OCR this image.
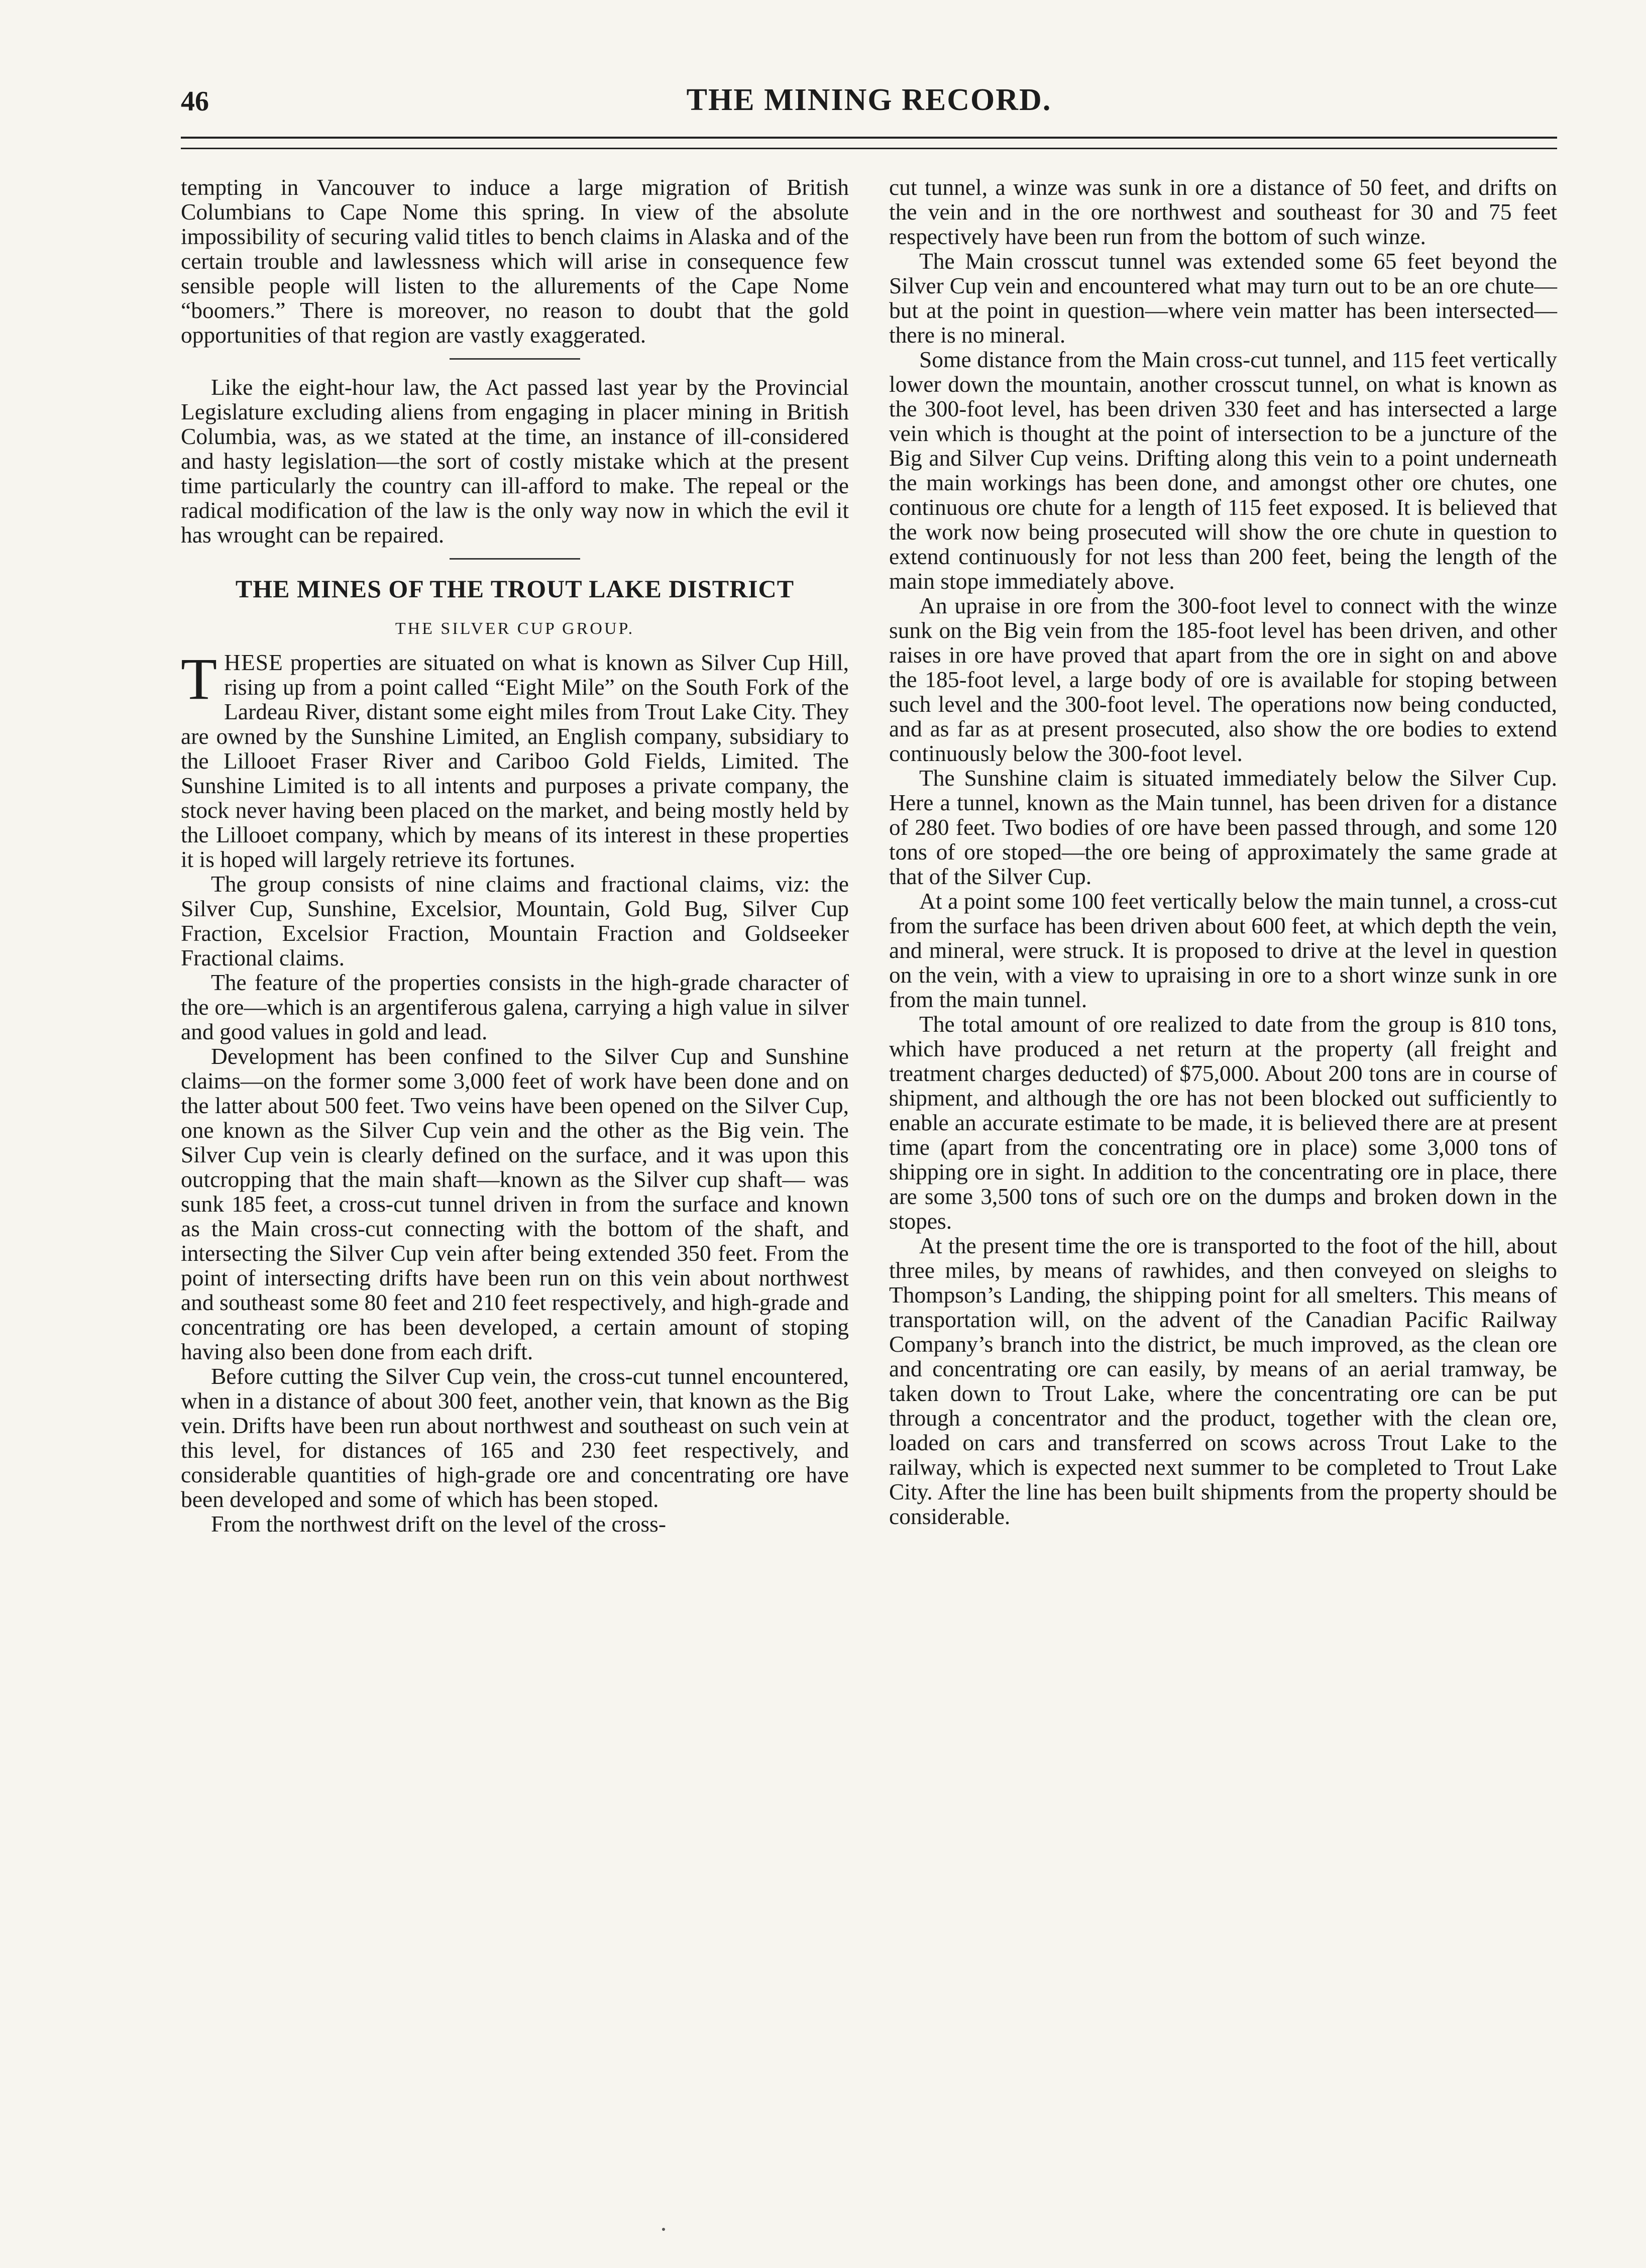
46	THE MINING RECORD.

tempting in Vancouver to induce a large migration of British Columbians to Cape Nome this spring. In view of the absolute impossibility of securing valid titles to bench claims in Alaska and of the certain trouble and lawlessness which will arise in consequence few sensible people will listen to the allurements of the Cape Nome “boomers.” There is moreover, no reason to doubt that the gold opportunities of that region are vastly exaggerated.

Like the eight-hour law, the Act passed last year by the Provincial Legislature excluding aliens from engaging in placer mining in British Columbia, was, as we stated at the time, an instance of ill-considered and hasty legislation—the sort of costly mistake which at the present time particularly the country can ill-afford to make. The repeal or the radical modification of the law is the only way now in which the evil it has wrought can be repaired.

THE MINES OF THE TROUT LAKE DISTRICT
THE SILVER CUP GROUP.

THESE properties are situated on what is known as Silver Cup Hill, rising up from a point called “Eight Mile” on the South Fork of the Lardeau River, distant some eight miles from Trout Lake City. They are owned by the Sunshine Limited, an English company, subsidiary to the Lillooet Fraser River and Cariboo Gold Fields, Limited. The Sunshine Limited is to all intents and purposes a private company, the stock never having been placed on the market, and being mostly held by the Lillooet company, which by means of its interest in these properties it is hoped will largely retrieve its fortunes.

The group consists of nine claims and fractional claims, viz: the Silver Cup, Sunshine, Excelsior, Mountain, Gold Bug, Silver Cup Fraction, Excelsior Fraction, Mountain Fraction and Goldseeker Fractional claims.

The feature of the properties consists in the high-grade character of the ore—which is an argentiferous galena, carrying a high value in silver and good values in gold and lead.

Development has been confined to the Silver Cup and Sunshine claims—on the former some 3,000 feet of work have been done and on the latter about 500 feet. Two veins have been opened on the Silver Cup, one known as the Silver Cup vein and the other as the Big vein. The Silver Cup vein is clearly defined on the surface, and it was upon this outcropping that the main shaft—known as the Silver cup shaft— was sunk 185 feet, a cross-cut tunnel driven in from the surface and known as the Main cross-cut connecting with the bottom of the shaft, and intersecting the Silver Cup vein after being extended 350 feet. From the point of intersecting drifts have been run on this vein about northwest and southeast some 80 feet and 210 feet respectively, and high-grade and concentrating ore has been developed, a certain amount of stoping having also been done from each drift.

Before cutting the Silver Cup vein, the cross-cut tunnel encountered, when in a distance of about 300 feet, another vein, that known as the Big vein. Drifts have been run about northwest and southeast on such vein at this level, for distances of 165 and 230 feet respectively, and considerable quantities of high-grade ore and concentrating ore have been developed and some of which has been stoped.

From the northwest drift on the level of the cross-

cut tunnel, a winze was sunk in ore a distance of 50 feet, and drifts on the vein and in the ore northwest and southeast for 30 and 75 feet respectively have been run from the bottom of such winze.

The Main crosscut tunnel was extended some 65 feet beyond the Silver Cup vein and encountered what may turn out to be an ore chute—but at the point in question—where vein matter has been intersected—there is no mineral.

Some distance from the Main cross-cut tunnel, and 115 feet vertically lower down the mountain, another crosscut tunnel, on what is known as the 300-foot level, has been driven 330 feet and has intersected a large vein which is thought at the point of intersection to be a juncture of the Big and Silver Cup veins. Drifting along this vein to a point underneath the main workings has been done, and amongst other ore chutes, one continuous ore chute for a length of 115 feet exposed. It is believed that the work now being prosecuted will show the ore chute in question to extend continuously for not less than 200 feet, being the length of the main stope immediately above.

An upraise in ore from the 300-foot level to connect with the winze sunk on the Big vein from the 185-foot level has been driven, and other raises in ore have proved that apart from the ore in sight on and above the 185-foot level, a large body of ore is available for stoping between such level and the 300-foot level. The operations now being conducted, and as far as at present prosecuted, also show the ore bodies to extend continuously below the 300-foot level.

The Sunshine claim is situated immediately below the Silver Cup. Here a tunnel, known as the Main tunnel, has been driven for a distance of 280 feet. Two bodies of ore have been passed through, and some 120 tons of ore stoped—the ore being of approximately the same grade at that of the Silver Cup.

At a point some 100 feet vertically below the main tunnel, a cross-cut from the surface has been driven about 600 feet, at which depth the vein, and mineral, were struck. It is proposed to drive at the level in question on the vein, with a view to upraising in ore to a short winze sunk in ore from the main tunnel.

The total amount of ore realized to date from the group is 810 tons, which have produced a net return at the property (all freight and treatment charges deducted) of $75,000. About 200 tons are in course of shipment, and although the ore has not been blocked out sufficiently to enable an accurate estimate to be made, it is believed there are at present time (apart from the concentrating ore in place) some 3,000 tons of shipping ore in sight. In addition to the concentrating ore in place, there are some 3,500 tons of such ore on the dumps and broken down in the stopes.

At the present time the ore is transported to the foot of the hill, about three miles, by means of rawhides, and then conveyed on sleighs to Thompson’s Landing, the shipping point for all smelters. This means of transportation will, on the advent of the Canadian Pacific Railway Company’s branch into the district, be much improved, as the clean ore and concentrating ore can easily, by means of an aerial tramway, be taken down to Trout Lake, where the concentrating ore can be put through a concentrator and the product, together with the clean ore, loaded on cars and transferred on scows across Trout Lake to the railway, which is expected next summer to be completed to Trout Lake City. After the line has been built shipments from the property should be considerable.
